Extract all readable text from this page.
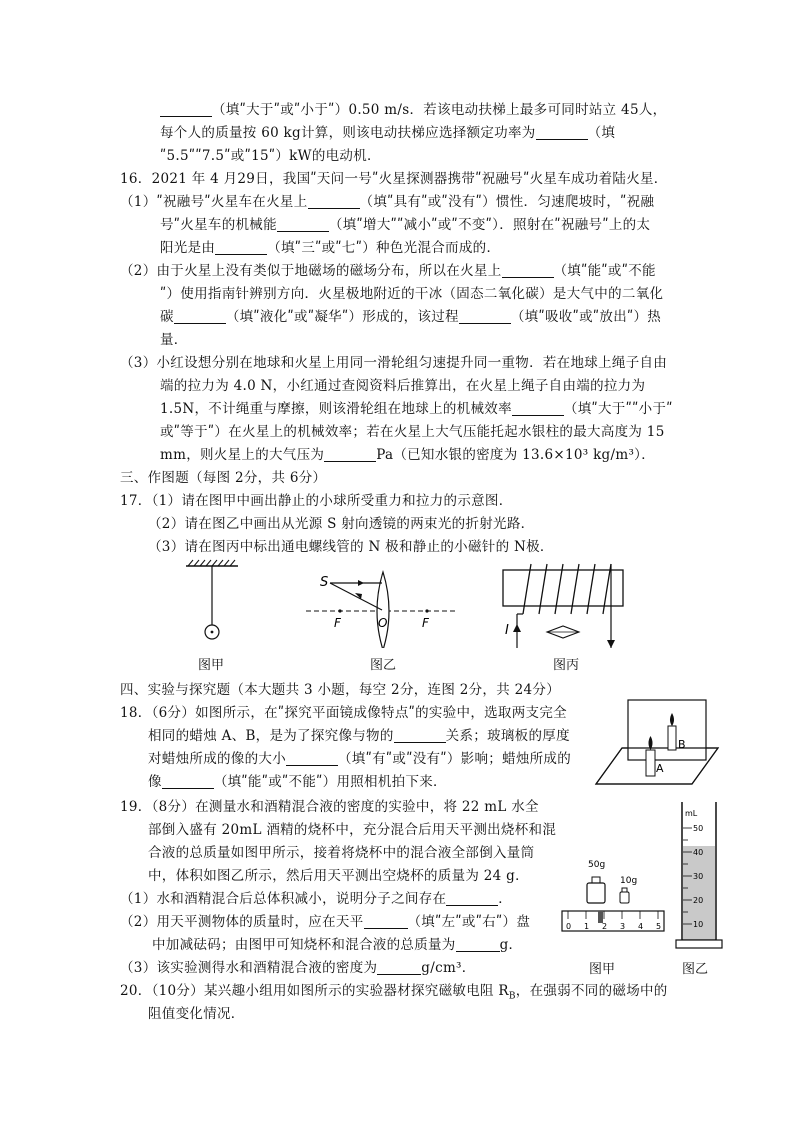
（填ʺ大于ʺ或ʺ小于ʺ）0.50 m/s．若该电动扶梯上最多可同时站立 45人，
每个人的质量按 60 kg计算，则该电动扶梯应选择额定功率为	（填
ʺ5.5ʺʺ7.5ʺ或ʺ15ʺ）kW的电动机．
16．2021 年 4 月29日，我国ʺ天问一号ʺ火星探测器携带ʺ祝融号ʺ火星车成功着陆火星．
（1）ʺ祝融号ʺ火星车在火星上	（填ʺ具有ʺ或ʺ没有ʺ）惯性．匀速爬坡时，ʺ祝融
号ʺ火星车的机械能	（填ʺ增大ʺʺ减小ʺ或ʺ不变ʺ）．照射在ʺ祝融号ʺ上的太
阳光是由	（填ʺ三ʺ或ʺ七ʺ）种色光混合而成的．
（2）由于火星上没有类似于地磁场的磁场分布，所以在火星上	（填ʺ能ʺ或ʺ不能
ʺ）使用指南针辨别方向．火星极地附近的干冰（固态二氧化碳）是大气中的二氧化
碳	（填ʺ液化ʺ或ʺ凝华ʺ）形成的，该过程	（填ʺ吸收ʺ或ʺ放出ʺ）热
量．
（3）小红设想分别在地球和火星上用同一滑轮组匀速提升同一重物．若在地球上绳子自由
端的拉力为 4.0 N，小红通过查阅资料后推算出，在火星上绳子自由端的拉力为
1.5N，不计绳重与摩擦，则该滑轮组在地球上的机械效率	（填ʺ大于ʺʺ小于ʺ
或ʺ等于ʺ）在火星上的机械效率；若在火星上大气压能托起水银柱的最大高度为 15
mm，则火星上的大气压为	Pa（已知水银的密度为 13.6×10³ kg/m³）．
三、作图题（每图 2分，共 6分）
17．（1）请在图甲中画出静止的小球所受重力和拉力的示意图．
（2）请在图乙中画出从光源 S 射向透镜的两束光的折射光路．
（3）请在图丙中标出通电螺线管的 N 极和静止的小磁针的 N极．
图甲
S
F	O	F
图乙
I
图丙
四、实验与探究题（本大题共 3 小题，每空 2分，连图 2分，共 24分）
18．（6分）如图所示，在ʺ探究平面镜成像特点ʺ的实验中，选取两支完全
相同的蜡烛 A、B，是为了探究像与物的	关系；玻璃板的厚度
对蜡烛所成的像的大小	（填ʺ有ʺ或ʺ没有ʺ）影响；蜡烛所成的
像	（填ʺ能ʺ或ʺ不能ʺ）用照相机拍下来．
B
A
19．（8分）在测量水和酒精混合液的密度的实验中，将 22 mL 水全
部倒入盛有 20mL 酒精的烧杯中，充分混合后用天平测出烧杯和混
合液的总质量如图甲所示，接着将烧杯中的混合液全部倒入量筒
中，体积如图乙所示，然后用天平测出空烧杯的质量为 24 g．
（1）水和酒精混合后总体积减小，说明分子之间存在	．
（2）用天平测物体的质量时，应在天平	（填ʺ左ʺ或ʺ右ʺ）盘
中加减砝码；由图甲可知烧杯和混合液的总质量为	g．
（3）该实验测得水和酒精混合液的密度为	g/cm³．
50g
10g
0 1 2 3 4 5
图甲
mL
50
40
30
20
10
图乙
20．（10分）某兴趣小组用如图所示的实验器材探究磁敏电阻 $R_B$，在强弱不同的磁场中的
阻值变化情况．
